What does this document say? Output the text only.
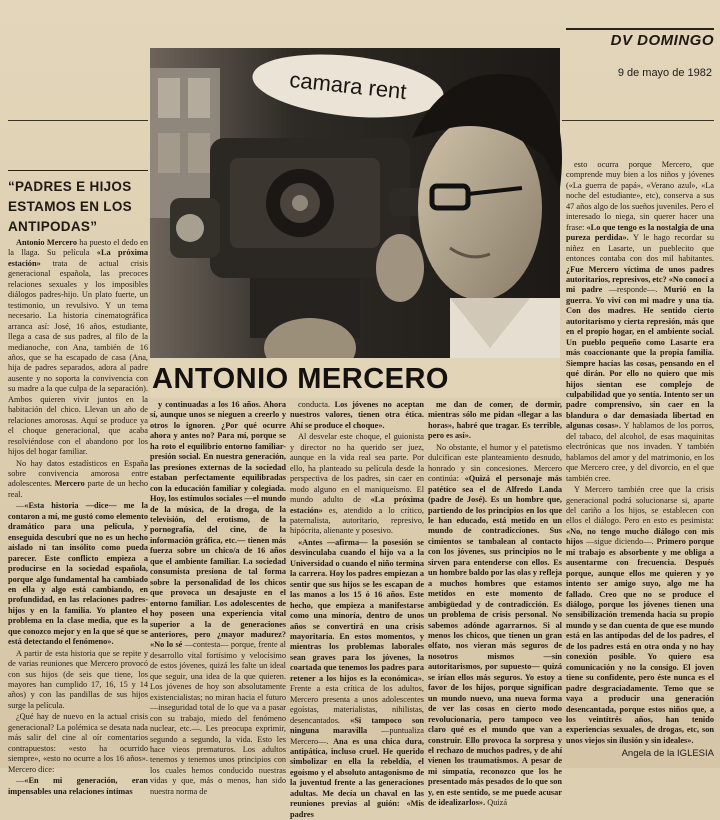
DV DOMINGO
9 de mayo de 1982
camara rent
ANTONIO MERCERO
“PADRES E HIJOS ESTAMOS EN LOS ANTIPODAS”

Antonio Mercero ha puesto el dedo en la llaga. Su película «La próxima estación» trata de actual crisis generacional española, las precoces relaciones sexuales y los imposibles diálogos padres-hijo. Un plato fuerte, un testimonio, un revulsivo. Y un tema necesario. La historia cinematográfica arranca así: José, 16 años, estudiante, llega a casa de sus padres, al filo de la medianoche, con Ana, también de 16 años, que se ha escapado de casa (Ana, hija de padres separados, adora al padre ausente y no soporta la convivencia con su madre a la que culpa de la separación). Ambos quieren vivir juntos en la habitación del chico. Llevan un año de relaciones amorosas. Aquí se produce ya el choque generacional, que acaba resolviéndose con el abandono por los hijos del hogar familiar.

No hay datos estadísticos en España sobre convivencia amorosa entre adolescentes. Mercero parte de un hecho real.

—«Esta historia —dice— me la contaron a mí, me gustó como elemento dramático para una película, y enseguida descubrí que no es un hecho aislado ni tan insólito como pueda parecer. Este conflicto empieza a producirse en la sociedad española, porque algo fundamental ha cambiado en ella y algo está cambiando, en profundidad, en las relaciones padres-hijos y en la familia. Yo planteo el problema en la clase media, que es la que conozco mejor y en la que sé que se está detectando el fenómeno».

A partir de esta historia que se repite y de varias reuniones que Mercero provocó con sus hijos (de seis que tiene, los mayores han cumplido 17, 16, 15 y 14 años) y con las pandillas de sus hijos surge la película.

¿Qué hay de nuevo en la actual crisis generacional? La polémica se desata nada más salir del cine al oír comentarios contrapuestos: «esto ha ocurrido siempre», «esto no ocurre a los 16 años». Mercero dice:

—«En mi generación, eran impensables una relaciones íntimas

y continuadas a los 16 años. Ahora sí, aunque unos se nieguen a creerlo y otros lo ignoren. ¿Por qué ocurre ahora y antes no? Para mí, porque se ha roto el equilibrio entorno familiar-presión social. En nuestra generación, las presiones externas de la sociedad estaban perfectamente equilibradas con la educación familiar y colegiada. Hoy, los estímulos sociales —el mundo de la música, de la droga, de la televisión, del erotismo, de la pornografía, del cine, de la información gráfica, etc.— tienen más fuerza sobre un chico/a de 16 años que el ambiente familiar. La sociedad consumista presiona de tal forma sobre la personalidad de los chicos que provoca un desajuste en el entorno familiar. Los adolescentes de hoy poseen una experiencia vital superior a la de generaciones anteriores, pero ¿mayor madurez? «No lo sé —contesta— porque, frente al desarrollo vital fortísimo y velocísimo de estos jóvenes, quizá les falte un ideal que seguir, una idea de la que quieren. Los jóvenes de hoy son absolutamente existencialistas; no miran hacia el futuro —inseguridad total de lo que va a pasar con su trabajo, miedo del fenómeno nuclear, etc.—. Les preocupa exprimir, segundo a segundo, la vida. Esto les hace vieos prematuros. Los adultos tenemos y tenemos unos principios con los cuales hemos conducido nuestras vidas y que, más o menos, han sido nuestra norma de

conducta. Los jóvenes no aceptan nuestros valores, tienen otra ética. Ahí se produce el choque».

Al desvelar este choque, el guionista y director no ha querido ser juez, aunque en la vida real sea parte. Por ello, ha planteado su película desde la perspectiva de los padres, sin caer en modo alguno en el maniqueísmo. El mundo adulto de «La próxima estación» es, atendido a lo crítico, paternalista, autoritario, represivo, hipócrita, alienante y posesivo.

«Antes —afirma— la posesión se desvinculaba cuando el hijo va a la Universidad o cuando el niño termina la carrera. Hoy los padres empiezan a sentir que sus hijos se les escapan de las manos a los 15 ó 16 años. Este hecho, que empieza a manifestarse como una minoría, dentro de unos años se convertirá en una crisis mayoritaria. En estos momentos, y mientras los problemas laborales sean graves para los jóvenes, la coartada que tenemos los padres para retener a los hijos es la económica». Frente a esta crítica de los adultos, Mercero presenta a unos adolescentes egoístas, materialistas, nihilistas, desencantados. «Si tampoco son ninguna maravilla —puntualiza Mercero—. Ana es una chica dura, antipática, incluso cruel. He querido simbolizar en ella la rebeldía, el egoísmo y el absoluto antagonismo de la juventud frente a las generaciones adultas. Me decía un chaval en las reuniones previas al guión: «Mis padres

me dan de comer, de dormir, mientras sólo me pidan «llegar a las horas», habré que tragar. Es terrible, pero es así».

No obstante, el humor y el patetismo dulcifican este planteamiento desnudo, honrado y sin concesiones. Mercero continúa: «Quizá el personaje más patético sea el de Alfredo Landa (padre de José). Es un hombre que, partiendo de los principios en los que le han educado, está metido en un mundo de contradicciones. Sus cimientos se tambalean al contacto con los jóvenes, sus principios no le sirven para entenderse con ellos. Es un hombre baldo por las olas y refleja a muchos hombres que estamos metidos en este momento de ambigüedad y de contradicción. Es un problema de crisis personal. No sabemos adónde agarrarnos. Si al menos los chicos, que tienen un gran olfato, nos vieran más seguros de nosotros mismos —sin autoritarismos, por supuesto— quizá se irían ellos más seguros. Yo estoy a favor de los hijos, porque significan un mundo nuevo, una nueva forma de ver las cosas en cierto modo revolucionaria, pero tampoco veo claro qué es el mundo que van a construir. Ello provoca la sorpresa y el rechazo de muchos padres, y de ahí vienen los traumatismos. A pesar de mi simpatía, reconozco que los he presentado más pesados de lo que son y, en este sentido, se me puede acusar de idealizarlos». Quizá

esto ocurra porque Mercero, que comprende muy bien a los niños y jóvenes («La guerra de papá», «Verano azul», «La noche del estudiante», etc), conserva a sus 47 años algo de los sueños juveniles. Pero el interesado lo niega, sin querer hacer una frase: «Lo que tengo es la nostalgia de una pureza perdida». Y le hago recordar su niñez en Lasarte, un pueblecito que entonces contaba con dos mil habitantes. ¿Fue Mercero víctima de unos padres autoritarios, represivos, etc? «No conocí a mi padre —responde—. Murió en la guerra. Yo viví con mi madre y una tía. Con dos madres. He sentido cierto autoritarismo y cierta represión, más que en el propio hogar, en el ambiente social. Un pueblo pequeño como Lasarte era más coaccionante que la propia familia. Siempre hacías las cosas, pensando en el qué dirán. Por ello no quiero que mis hijos sientan ese complejo de culpabilidad que yo sentía. Intento ser un padre comprensivo, sin caer en la blandura o dar demasiada libertad en algunas cosas». Y hablamos de los porros, del tabaco, del alcohol, de esas maquinitas electrónicas que nos invaden. Y también hablamos del amor y del matrimonio, en los que Mercero cree, y del divorcio, en el que también cree.

Y Mercero también cree que la crisis generacional podrá solucionarse si, aparte del cariño a los hijos, se establecen con ellos el diálogo. Pero en esto es pesimista: «No, no tengo mucho diálogo con mis hijos —sigue diciendo—. Primero porque mi trabajo es absorbente y me obliga a ausentarme con frecuencia. Después porque, aunque ellos me quieren y yo intento ser amigo suyo, algo me ha fallado. Creo que no se produce el diálogo, porque los jóvenes tienen una sensibilización tremenda hacia su propio mundo y se dan cuenta de que ese mundo está en las antípodas del de los padres, el de los padres está en otra onda y no hay conexión posible. Yo quiero esa comunicación y no la consigo. El joven tiene su confidente, pero éste nunca es el padre desgraciadamente. Temo que se vaya a producir una generación desencantada, porque estos niños que, a los veintitrés años, han tenido experiencias sexuales, de drogas, etc, son unos viejos sin ilusión y sin ideales».

Angela de la IGLESIA
